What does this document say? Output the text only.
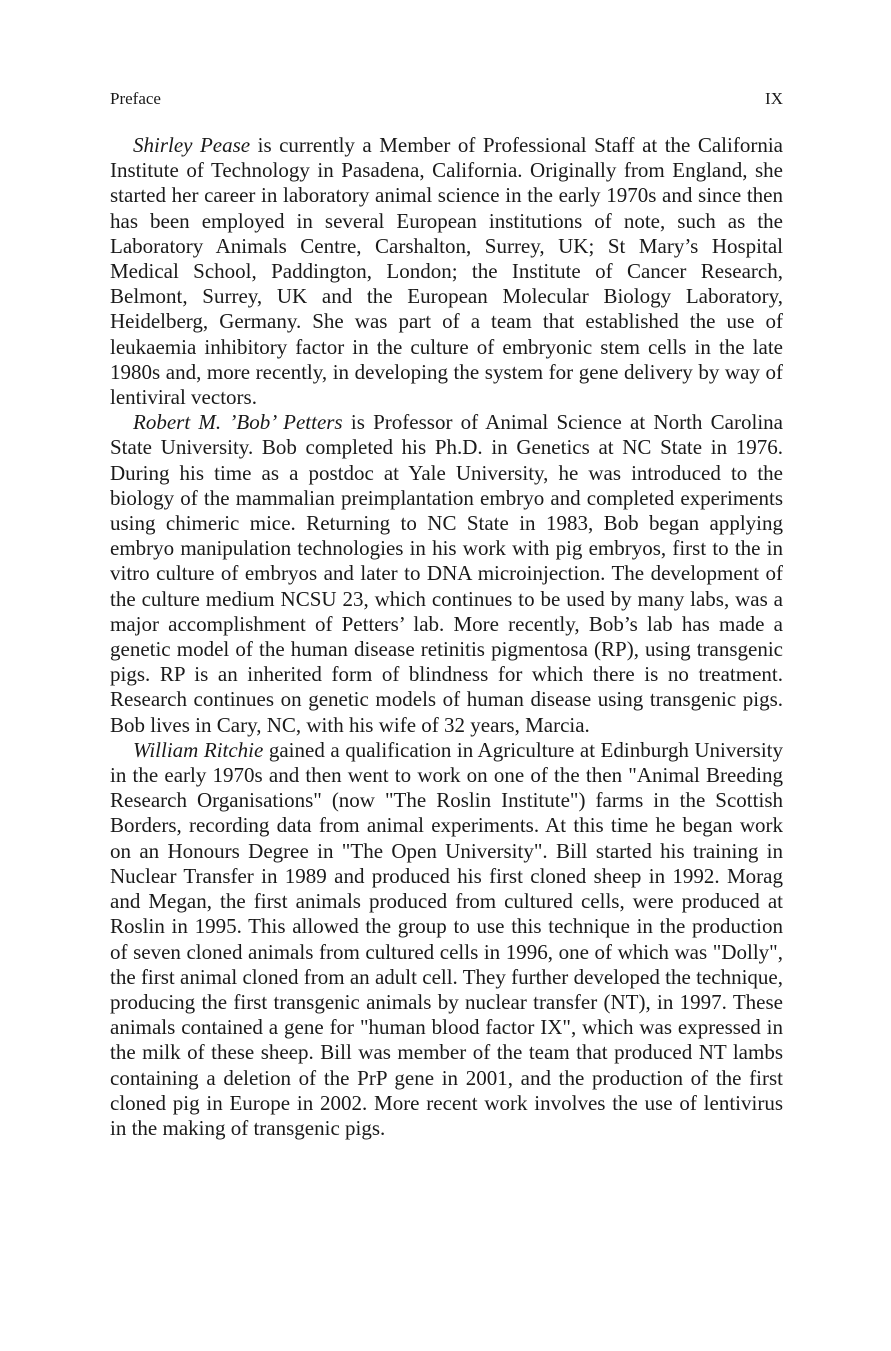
Preface	IX

Shirley Pease is currently a Member of Professional Staff at the California Institute of Technology in Pasadena, California. Originally from England, she started her career in laboratory animal science in the early 1970s and since then has been employed in several European institutions of note, such as the Laboratory Animals Centre, Carshalton, Surrey, UK; St Mary’s Hospital Medical School, Paddington, London; the Institute of Cancer Research, Belmont, Surrey, UK and the European Molecular Biology Laboratory, Heidelberg, Germany. She was part of a team that established the use of leukaemia inhibitory factor in the culture of embryonic stem cells in the late 1980s and, more recently, in developing the system for gene delivery by way of lentiviral vectors.

Robert M. ’Bob’ Petters is Professor of Animal Science at North Carolina State University. Bob completed his Ph.D. in Genetics at NC State in 1976. During his time as a postdoc at Yale University, he was introduced to the biology of the mammalian preimplantation embryo and completed experiments using chimeric mice. Returning to NC State in 1983, Bob began applying embryo manipulation technologies in his work with pig embryos, first to the in vitro culture of embryos and later to DNA microinjection. The development of the culture medium NCSU 23, which continues to be used by many labs, was a major accomplishment of Petters’ lab. More recently, Bob’s lab has made a genetic model of the human disease retinitis pigmentosa (RP), using transgenic pigs. RP is an inherited form of blindness for which there is no treatment. Research continues on genetic models of human disease using transgenic pigs. Bob lives in Cary, NC, with his wife of 32 years, Marcia.

William Ritchie gained a qualification in Agriculture at Edinburgh University in the early 1970s and then went to work on one of the then "Animal Breeding Research Organisations" (now "The Roslin Institute") farms in the Scottish Borders, recording data from animal experiments. At this time he began work on an Honours Degree in "The Open University". Bill started his training in Nuclear Transfer in 1989 and produced his first cloned sheep in 1992. Morag and Megan, the first animals produced from cultured cells, were produced at Roslin in 1995. This allowed the group to use this technique in the production of seven cloned animals from cultured cells in 1996, one of which was "Dolly", the first animal cloned from an adult cell. They further developed the technique, producing the first transgenic animals by nuclear transfer (NT), in 1997. These animals contained a gene for "human blood factor IX", which was expressed in the milk of these sheep. Bill was member of the team that produced NT lambs containing a deletion of the PrP gene in 2001, and the production of the first cloned pig in Europe in 2002. More recent work involves the use of lentivirus in the making of transgenic pigs.
